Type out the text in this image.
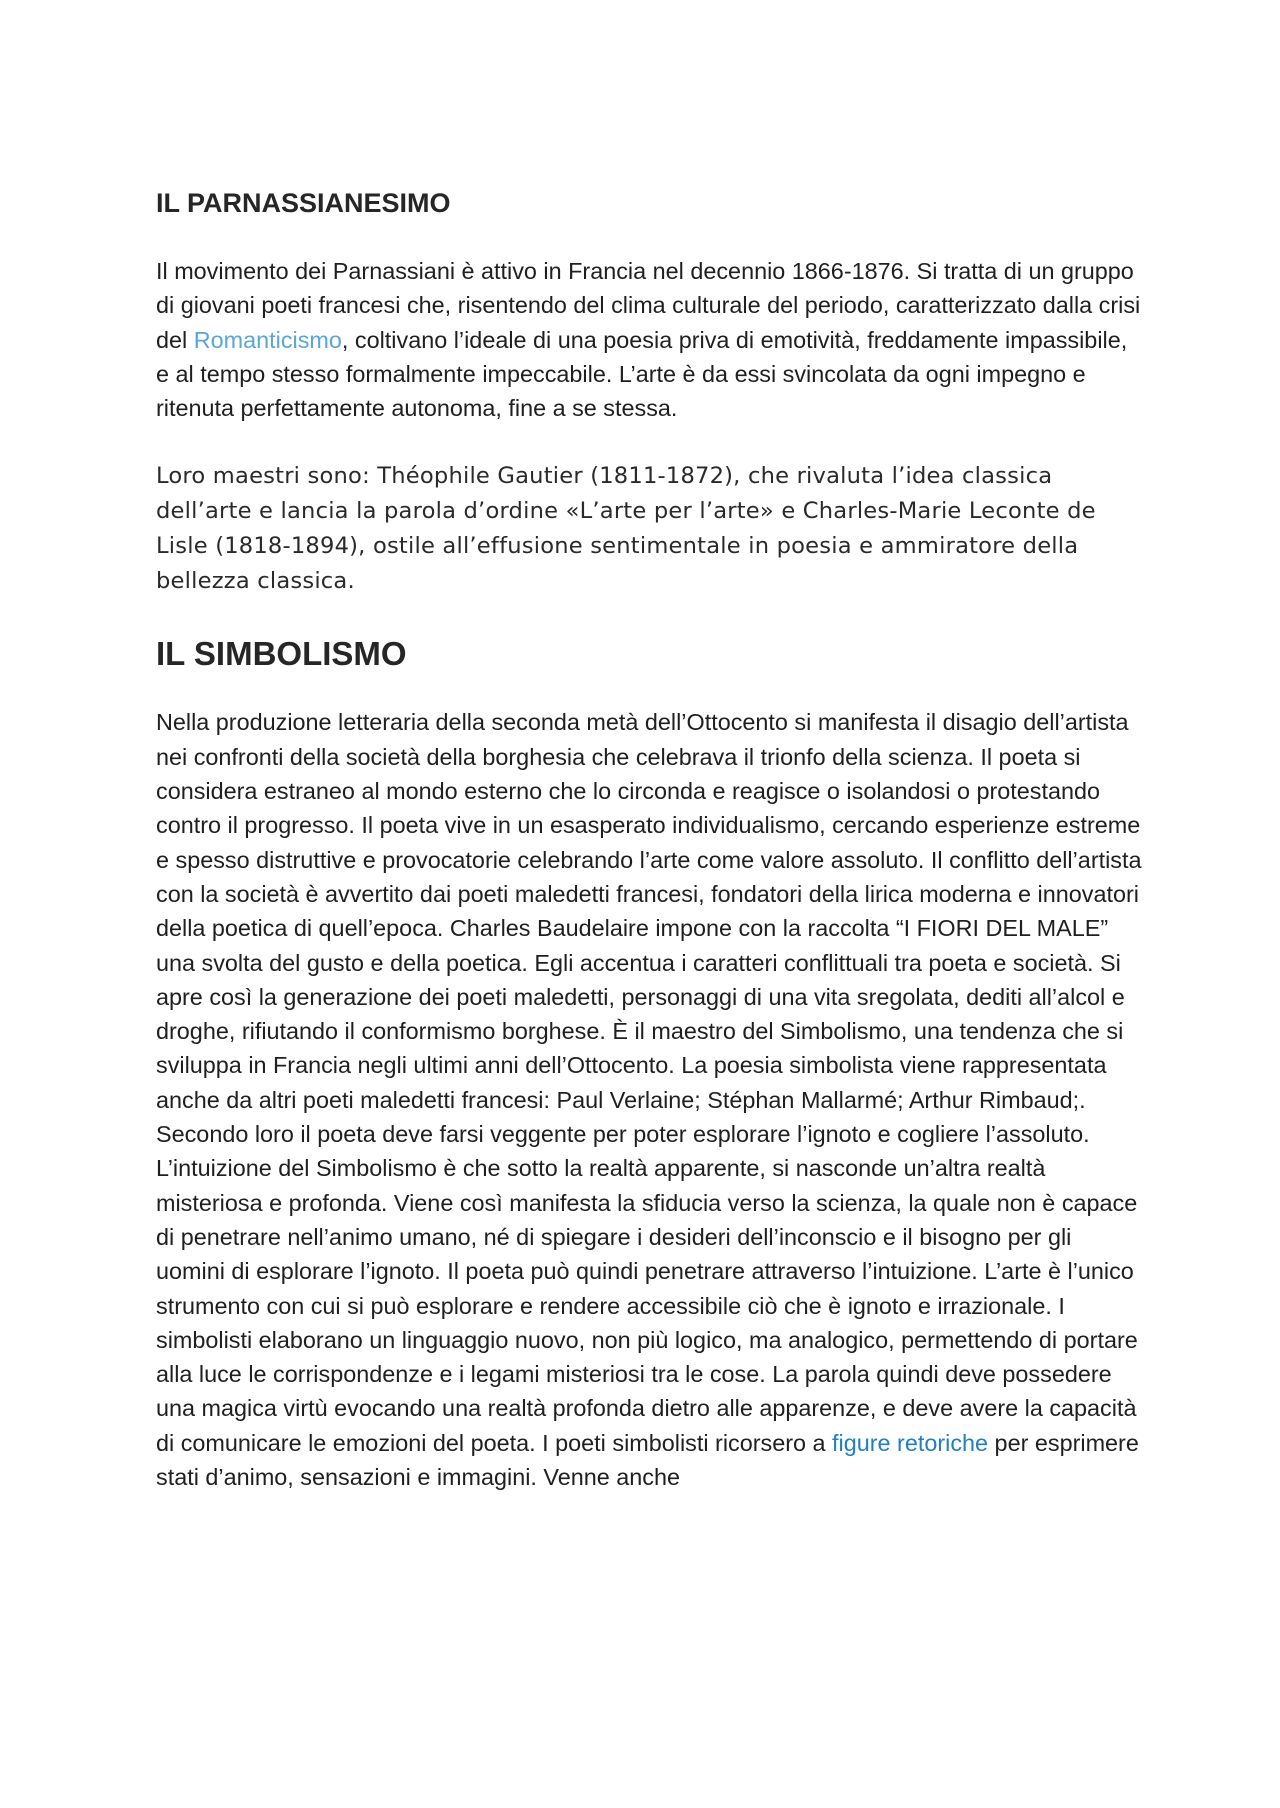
IL PARNASSIANESIMO

Il movimento dei Parnassiani è attivo in Francia nel decennio 1866-1876. Si tratta di un gruppo di giovani poeti francesi che, risentendo del clima culturale del periodo, caratterizzato dalla crisi del Romanticismo, coltivano l’ideale di una poesia priva di emotività, freddamente impassibile, e al tempo stesso formalmente impeccabile. L’arte è da essi svincolata da ogni impegno e ritenuta perfettamente autonoma, fine a se stessa.

Loro maestri sono: Théophile Gautier (1811-1872), che rivaluta l’idea classica dell’arte e lancia la parola d’ordine «L’arte per l’arte» e Charles-Marie Leconte de Lisle (1818-1894), ostile all’effusione sentimentale in poesia e ammiratore della bellezza classica.

IL SIMBOLISMO

Nella produzione letteraria della seconda metà dell’Ottocento si manifesta il disagio dell’artista nei confronti della società della borghesia che celebrava il trionfo della scienza. Il poeta si considera estraneo al mondo esterno che lo circonda e reagisce o isolandosi o protestando contro il progresso. Il poeta vive in un esasperato individualismo, cercando esperienze estreme e spesso distruttive e provocatorie celebrando l’arte come valore assoluto. Il conflitto dell’artista con la società è avvertito dai poeti maledetti francesi, fondatori della lirica moderna e innovatori della poetica di quell’epoca. Charles Baudelaire impone con la raccolta “I FIORI DEL MALE” una svolta del gusto e della poetica. Egli accentua i caratteri conflittuali tra poeta e società. Si apre così la generazione dei poeti maledetti, personaggi di una vita sregolata, dediti all’alcol e droghe, rifiutando il conformismo borghese. È il maestro del Simbolismo, una tendenza che si sviluppa in Francia negli ultimi anni dell’Ottocento. La poesia simbolista viene rappresentata anche da altri poeti maledetti francesi: Paul Verlaine; Stéphan Mallarmé; Arthur Rimbaud;. Secondo loro il poeta deve farsi veggente per poter esplorare l’ignoto e cogliere l’assoluto. L’intuizione del Simbolismo è che sotto la realtà apparente, si nasconde un’altra realtà misteriosa e profonda. Viene così manifesta la sfiducia verso la scienza, la quale non è capace di penetrare nell’animo umano, né di spiegare i desideri dell’inconscio e il bisogno per gli uomini di esplorare l’ignoto. Il poeta può quindi penetrare attraverso l’intuizione. L’arte è l’unico strumento con cui si può esplorare e rendere accessibile ciò che è ignoto e irrazionale. I simbolisti elaborano un linguaggio nuovo, non più logico, ma analogico, permettendo di portare alla luce le corrispondenze e i legami misteriosi tra le cose. La parola quindi deve possedere una magica virtù evocando una realtà profonda dietro alle apparenze, e deve avere la capacità di comunicare le emozioni del poeta. I poeti simbolisti ricorsero a figure retoriche per esprimere stati d’animo, sensazioni e immagini. Venne anche
